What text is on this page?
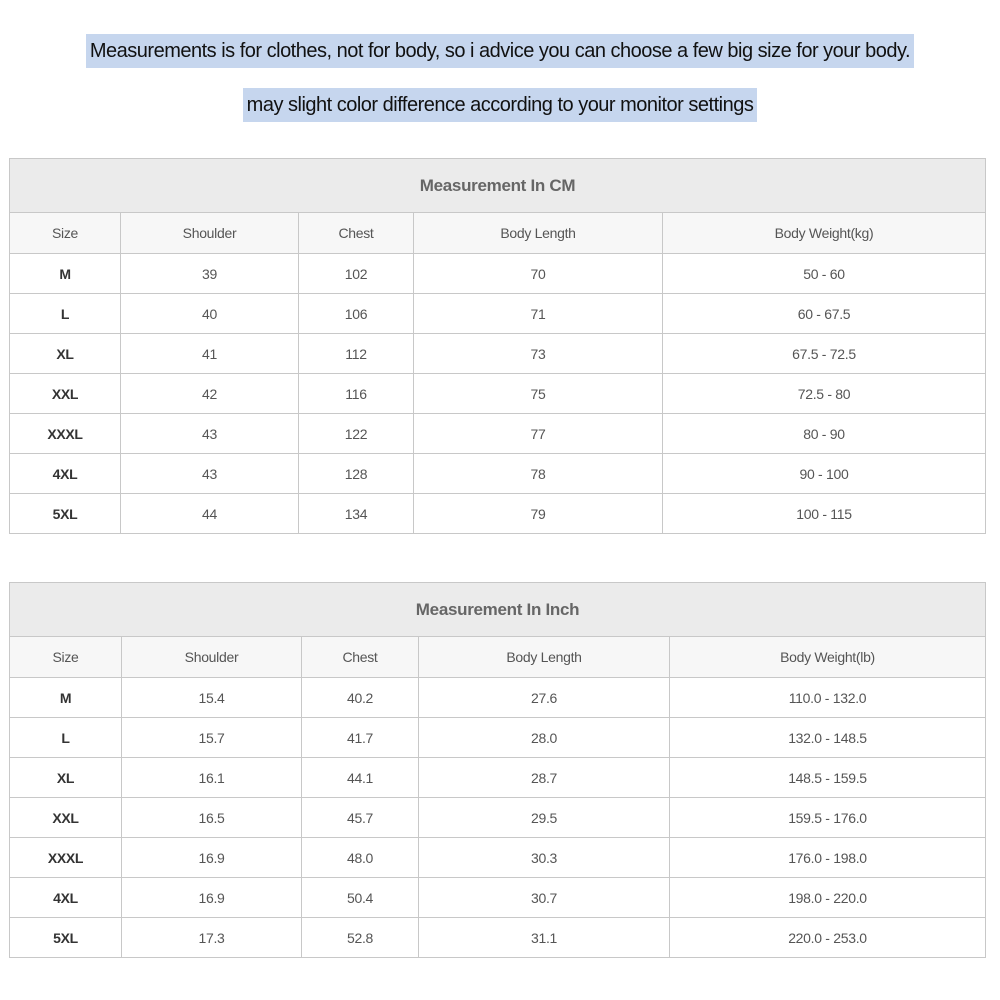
Measurements is for clothes, not for body, so i advice you can choose a few big size for your body.
may slight color difference according to your monitor settings
Measurement In CM
Size	Shoulder	Chest	Body Length	Body Weight(kg)
M	39	102	70	50 - 60
L	40	106	71	60 - 67.5
XL	41	112	73	67.5 - 72.5
XXL	42	116	75	72.5 - 80
XXXL	43	122	77	80 - 90
4XL	43	128	78	90 - 100
5XL	44	134	79	100 - 115
Measurement In Inch
Size	Shoulder	Chest	Body Length	Body Weight(lb)
M	15.4	40.2	27.6	110.0 - 132.0
L	15.7	41.7	28.0	132.0 - 148.5
XL	16.1	44.1	28.7	148.5 - 159.5
XXL	16.5	45.7	29.5	159.5 - 176.0
XXXL	16.9	48.0	30.3	176.0 - 198.0
4XL	16.9	50.4	30.7	198.0 - 220.0
5XL	17.3	52.8	31.1	220.0 - 253.0
